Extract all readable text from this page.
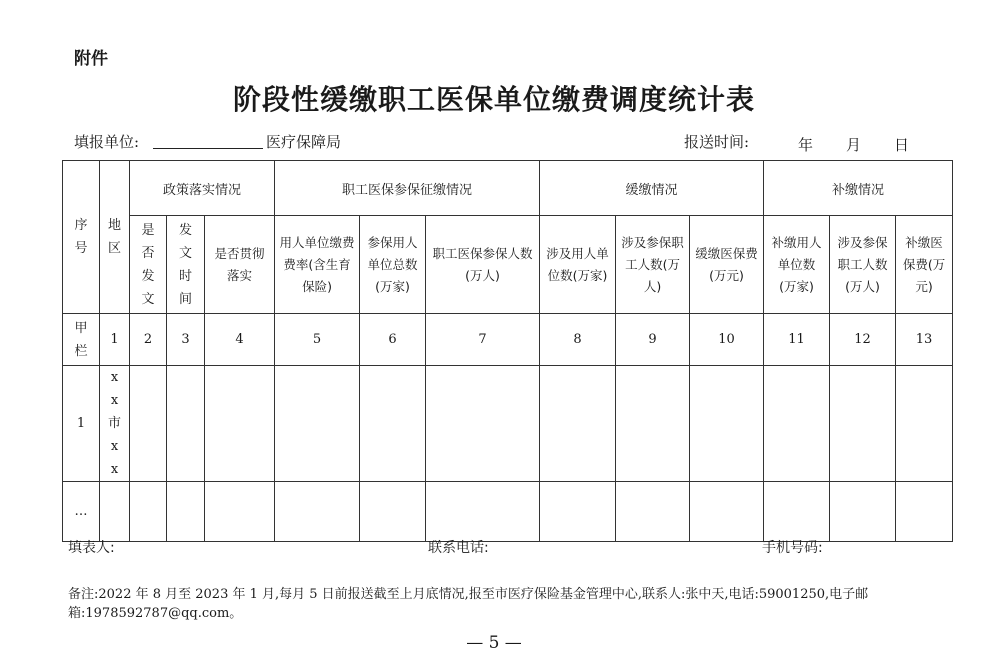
附件
阶段性缓缴职工医保单位缴费调度统计表
填报单位:	医疗保障局	报送时间:	年 月 日
序号	地区	政策落实情况			职工医保参保征缴情况			缓缴情况			补缴情况		
		是否发文	发文时间	是否贯彻落实	用人单位缴费费率(含生育保险)	参保用人单位总数(万家)	职工医保参保人数(万人)	涉及用人单位数(万家)	涉及参保职工人数(万人)	缓缴医保费(万元)	补缴用人单位数(万家)	涉及参保职工人数(万人)	补缴医保费(万元)

甲栏	1	2	3	4	5	6	7	8	9	10	11	12	13
1	xx市xx												
…													
填表人:	联系电话:	手机号码:
备注:2022 年 8 月至 2023 年 1 月,每月 5 日前报送截至上月底情况,报至市医疗保险基金管理中心,联系人:张中天,电话:59001250,电子邮箱:1978592787@qq.com。
— 5 —
